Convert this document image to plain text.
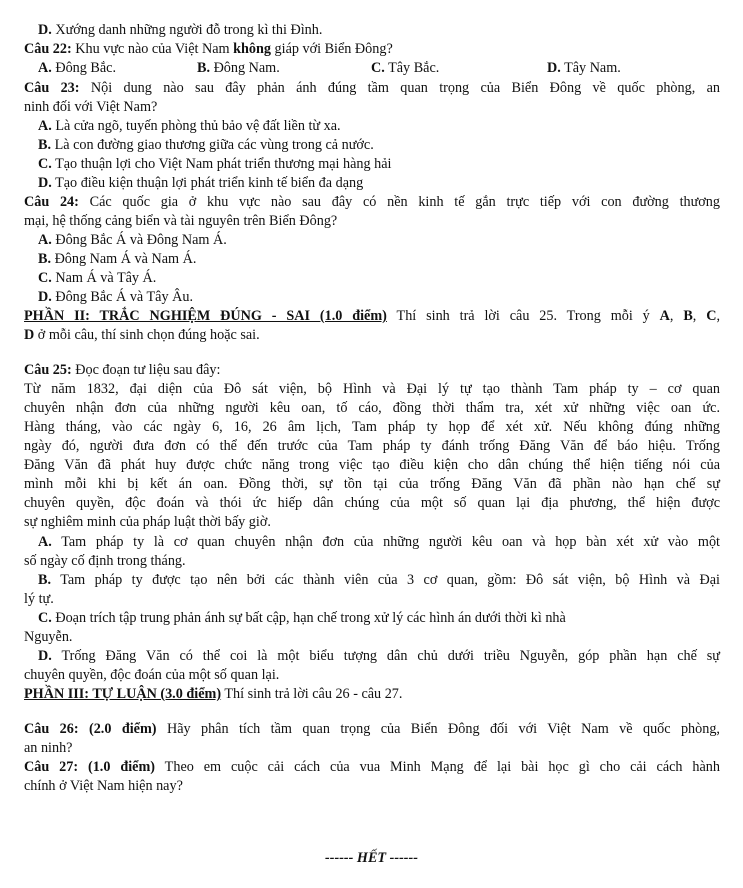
D. Xướng danh những người đỗ trong kì thi Đình.
Câu 22: Khu vực nào của Việt Nam không giáp với Biển Đông?
A. Đông Bắc.	B. Đông Nam.	C. Tây Bắc.	D. Tây Nam.
Câu 23: Nội dung nào sau đây phản ánh đúng tầm quan trọng của Biển Đông về quốc phòng, an
ninh đối với Việt Nam?
A. Là cửa ngõ, tuyến phòng thủ bảo vệ đất liền từ xa.
B. Là con đường giao thương giữa các vùng trong cả nước.
C. Tạo thuận lợi cho Việt Nam phát triển thương mại hàng hải
D. Tạo điều kiện thuận lợi phát triển kinh tế biển đa dạng
Câu 24: Các quốc gia ở khu vực nào sau đây có nền kinh tế gắn trực tiếp với con đường thương
mại, hệ thống cảng biển và tài nguyên trên Biển Đông?
A. Đông Bắc Á và Đông Nam Á.
B. Đông Nam Á và Nam Á.
C. Nam Á và Tây Á.
D. Đông Bắc Á và Tây Âu.
PHẦN II: TRẮC NGHIỆM ĐÚNG - SAI (1.0 điểm) Thí sinh trả lời câu 25. Trong mỗi ý A, B, C,
D ở mỗi câu, thí sinh chọn đúng hoặc sai.
Câu 25: Đọc đoạn tư liệu sau đây:
Từ năm 1832, đại diện của Đô sát viện, bộ Hình và Đại lý tự tạo thành Tam pháp ty – cơ quan
chuyên nhận đơn của những người kêu oan, tố cáo, đồng thời thẩm tra, xét xử những việc oan ức.
Hàng tháng, vào các ngày 6, 16, 26 âm lịch, Tam pháp ty họp để xét xử. Nếu không đúng những
ngày đó, người đưa đơn có thể đến trước của Tam pháp ty đánh trống Đăng Văn để báo hiệu. Trống
Đăng Văn đã phát huy được chức năng trong việc tạo điều kiện cho dân chúng thể hiện tiếng nói của
mình mỗi khi bị kết án oan. Đồng thời, sự tồn tại của trống Đăng Văn đã phần nào hạn chế sự
chuyên quyền, độc đoán và thói ức hiếp dân chúng của một số quan lại địa phương, thể hiện được
sự nghiêm minh của pháp luật thời bấy giờ.
A. Tam pháp ty là cơ quan chuyên nhận đơn của những người kêu oan và họp bàn xét xử vào một
số ngày cố định trong tháng.
B. Tam pháp ty được tạo nên bởi các thành viên của 3 cơ quan, gồm: Đô sát viện, bộ Hình và Đại
lý tự.
C. Đoạn trích tập trung phản ánh sự bất cập, hạn chế trong xử lý các hình án dưới thời kì nhà
Nguyễn.
D. Trống Đăng Văn có thể coi là một biểu tượng dân chủ dưới triều Nguyễn, góp phần hạn chế sự
chuyên quyền, độc đoán của một số quan lại.
PHẦN III: TỰ LUẬN (3.0 điểm) Thí sinh trả lời câu 26 - câu 27.
Câu 26: (2.0 điểm) Hãy phân tích tầm quan trọng của Biển Đông đối với Việt Nam về quốc phòng,
an ninh?
Câu 27: (1.0 điểm) Theo em cuộc cải cách của vua Minh Mạng để lại bài học gì cho cải cách hành
chính ở Việt Nam hiện nay?
------ HẾT ------
